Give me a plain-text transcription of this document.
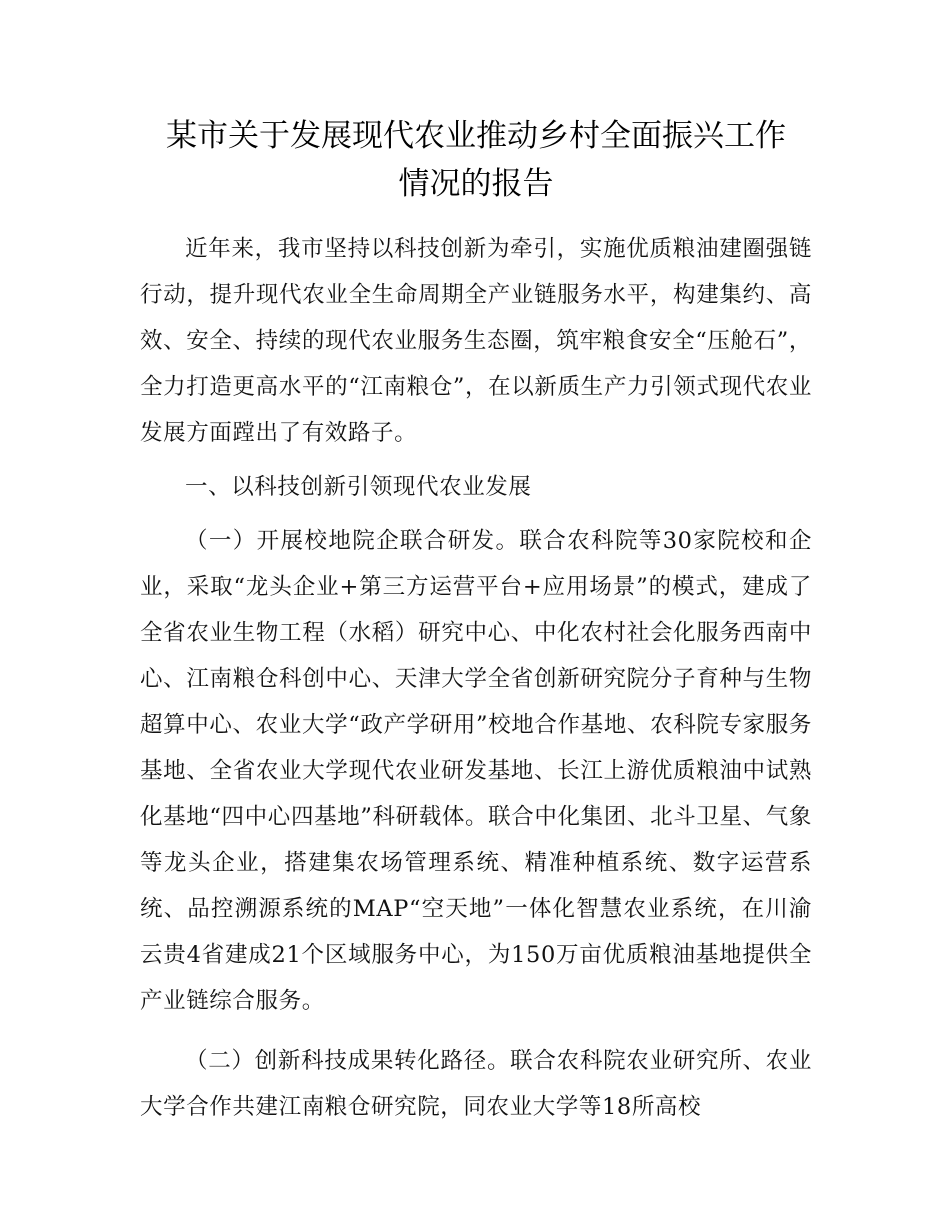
某市关于发展现代农业推动乡村全面振兴工作
情况的报告

近年来，我市坚持以科技创新为牵引，实施优质粮油建圈强链行动，提升现代农业全生命周期全产业链服务水平，构建集约、高效、安全、持续的现代农业服务生态圈，筑牢粮食安全“压舱石”，全力打造更高水平的“江南粮仓”，在以新质生产力引领式现代农业发展方面蹚出了有效路子。

一、以科技创新引领现代农业发展

（一）开展校地院企联合研发。联合农科院等30家院校和企业，采取“龙头企业+第三方运营平台+应用场景”的模式，建成了全省农业生物工程（水稻）研究中心、中化农村社会化服务西南中心、江南粮仓科创中心、天津大学全省创新研究院分子育种与生物超算中心、农业大学“政产学研用”校地合作基地、农科院专家服务基地、全省农业大学现代农业研发基地、长江上游优质粮油中试熟化基地“四中心四基地”科研载体。联合中化集团、北斗卫星、气象等龙头企业，搭建集农场管理系统、精准种植系统、数字运营系统、品控溯源系统的MAP“空天地”一体化智慧农业系统，在川渝云贵4省建成21个区域服务中心，为150万亩优质粮油基地提供全产业链综合服务。

（二）创新科技成果转化路径。联合农科院农业研究所、农业大学合作共建江南粮仓研究院，同农业大学等18所高校
